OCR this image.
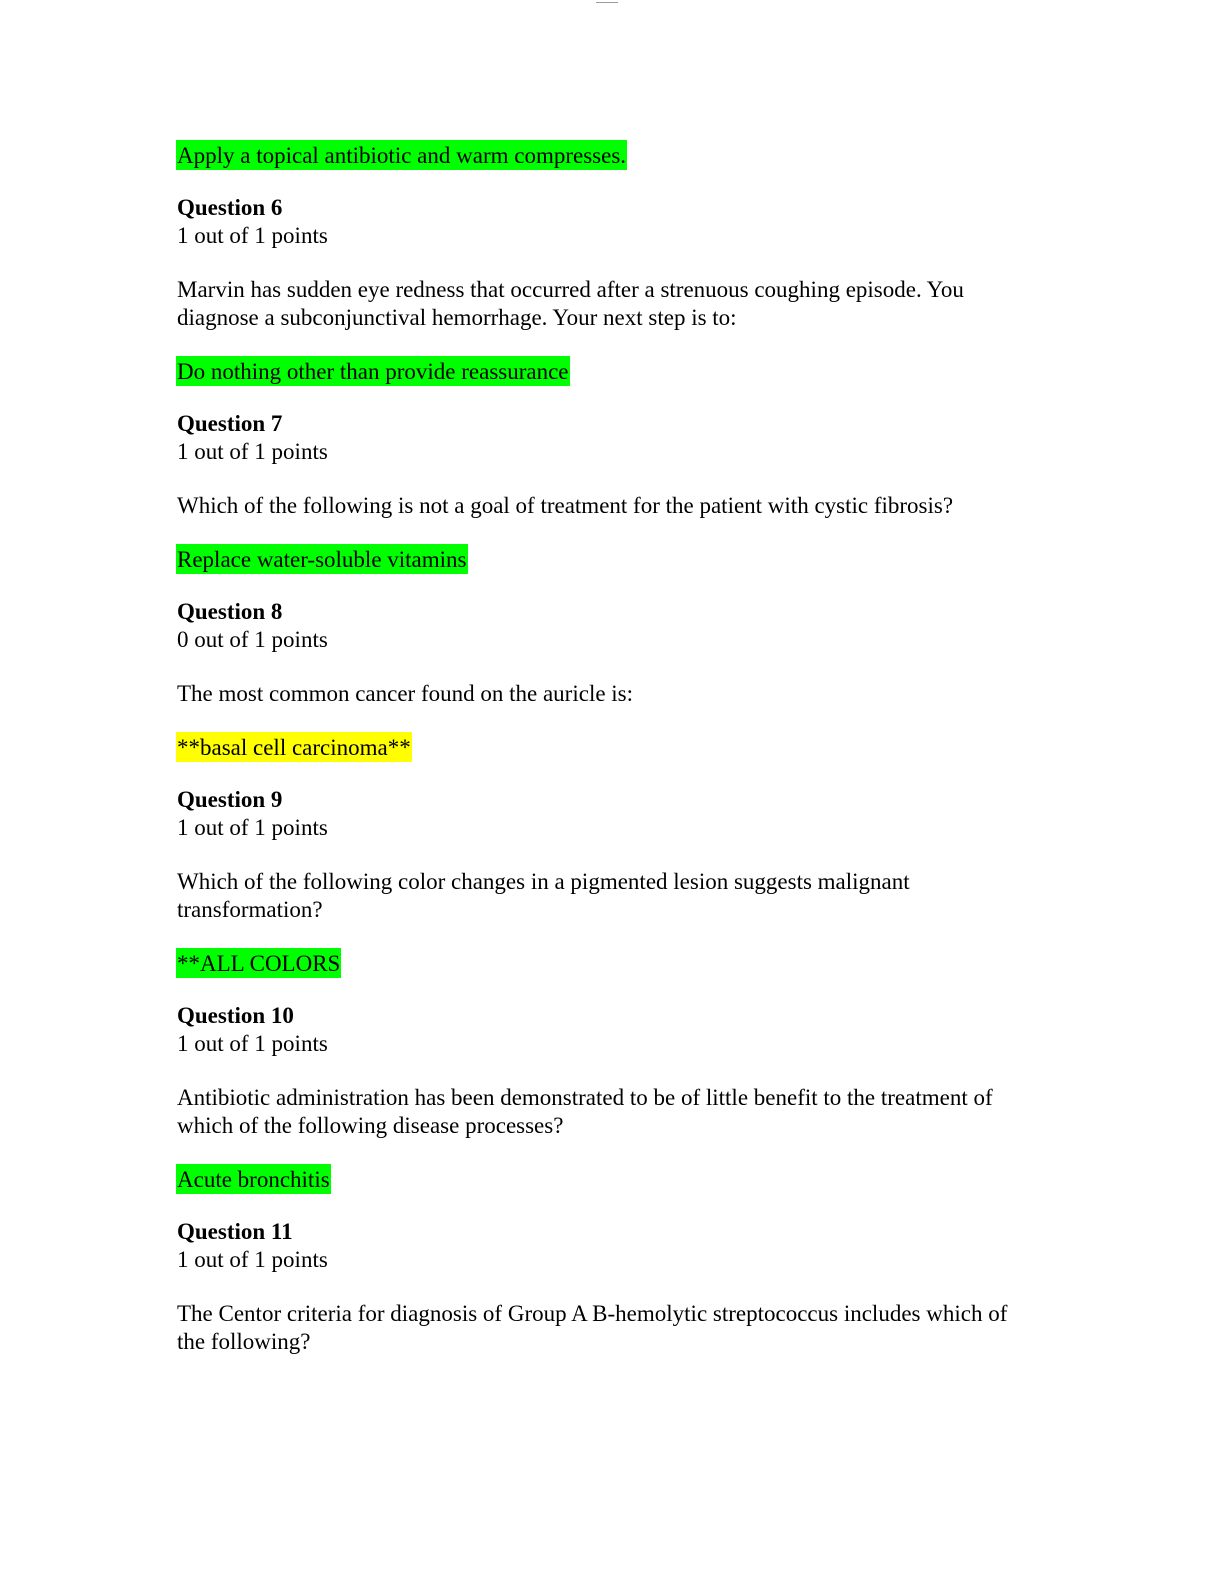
Apply a topical antibiotic and warm compresses.
Question 6
1 out of 1 points
Marvin has sudden eye redness that occurred after a strenuous coughing episode. You diagnose a subconjunctival hemorrhage. Your next step is to:
Do nothing other than provide reassurance
Question 7
1 out of 1 points
Which of the following is not a goal of treatment for the patient with cystic fibrosis?
Replace water-soluble vitamins
Question 8
0 out of 1 points
The most common cancer found on the auricle is:
**basal cell carcinoma**
Question 9
1 out of 1 points
Which of the following color changes in a pigmented lesion suggests malignant transformation?
**ALL COLORS
Question 10
1 out of 1 points
Antibiotic administration has been demonstrated to be of little benefit to the treatment of which of the following disease processes?
Acute bronchitis
Question 11
1 out of 1 points
The Centor criteria for diagnosis of Group A B-hemolytic streptococcus includes which of the following?
